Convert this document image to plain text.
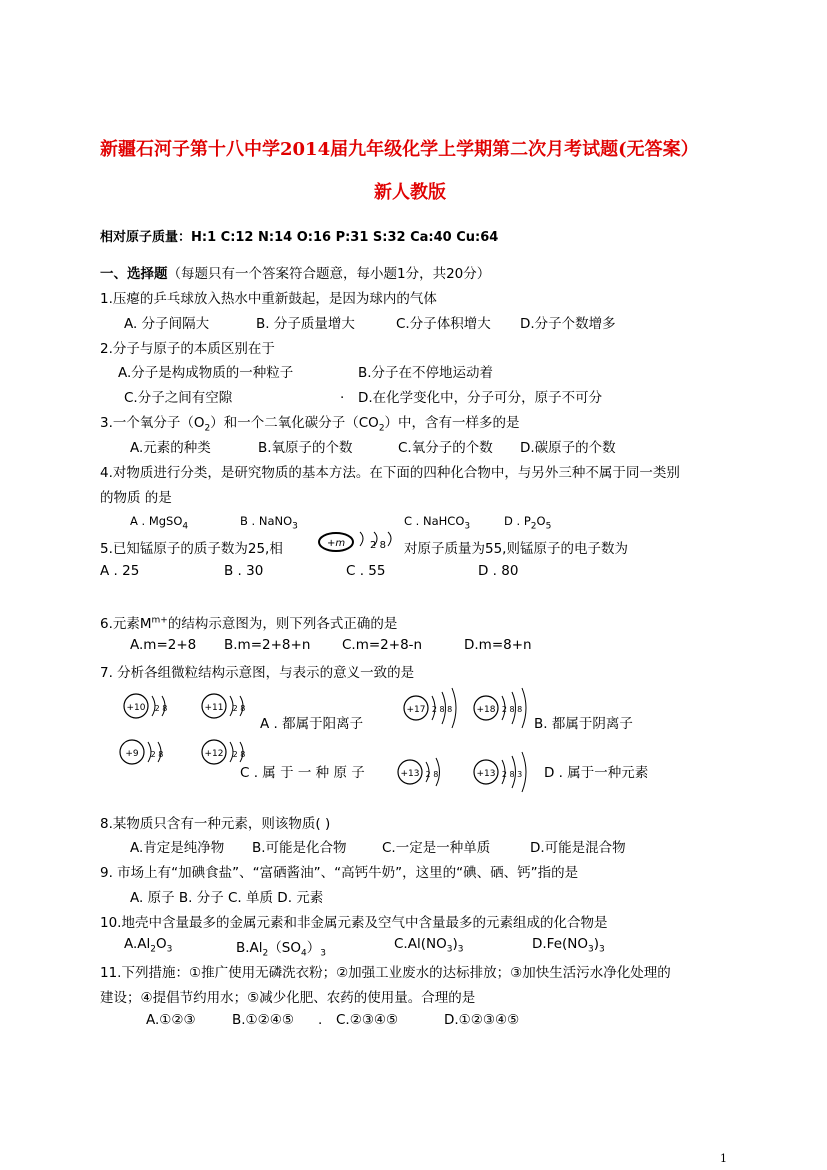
新疆石河子第十八中学2014届九年级化学上学期第二次月考试题(无答案）
新人教版
相对原子质量：H:1 C:12 N:14 O:16 P:31 S:32 Ca:40 Cu:64
一、选择题（每题只有一个答案符合题意，每小题1分，共20分）
1.压瘪的乒乓球放入热水中重新鼓起，是因为球内的气体
A. 分子间隔大	B. 分子质量增大	C.分子体积增大 D.分子个数增多
2.分子与原子的本质区别在于
A.分子是构成物质的一种粒子	B.分子在不停地运动着
C.分子之间有空隙	. D.在化学变化中，分子可分，原子不可分
3.一个氧分子$(O_2)$和一个二氧化碳分子$(CO_2)$中，含有一样多的是
A.元素的种类	B.氧原子的个数	C.氧分子的个数 D.碳原子的个数
4.对物质进行分类，是研究物质的基本方法。在下面的四种化合物中，与另外三种不属于同一类别
的物质 的是
A . MgSO$_4$	B . NaNO$_3$	C . NaHCO$_3$	D . $P_2O_5$
5.已知锰原子的质子数为25,相	+m 2 8 对原子质量为55,则锰原子的电子数为
A . 25	B . 30	C . 55	D . 80
6.元素$M^{m+}$的结构示意图为，则下列各式正确的是
A.m=2+8 B.m=2+8+n C.m=2+8-n	D.m=8+n
7. 分析各组微粒结构示意图，与表示的意义一致的是
+10 2 8	+11 2 8
A . 都属于阳离子
+17 2 8 8	+18 2 8 8
B. 都属于阴离子
+9 2 8	+12 2 8
C . 属 于 一 种 原 子	+13 2 8	+13 2 8 3 D . 属于一种元素
8.某物质只含有一种元素，则该物质( )
A.肯定是纯净物 B.可能是化合物	C.一定是一种单质	D.可能是混合物
9. 市场上有“加碘食盐”、“富硒酱油”、“高钙牛奶”，这里的“碘、硒、钙”指的是
A. 原子 B. 分子 C. 单质 D. 元素
10.地壳中含量最多的金属元素和非金属元素及空气中含量最多的元素组成的化合物是
$A.Al_2O_3$	$B.Al_2(SO_4)_3$
$C.Al(NO_3)_3$	$D.Fe(NO_3)_3$
11.下列措施：①推广使用无磷洗衣粉；②加强工业废水的达标排放；③加快生活污水净化处理的
建设；④提倡节约用水；⑤减少化肥、农药的使用量。合理的是
A.①②③	B.①②④⑤ . C.②③④⑤	D.①②③④⑤
1
